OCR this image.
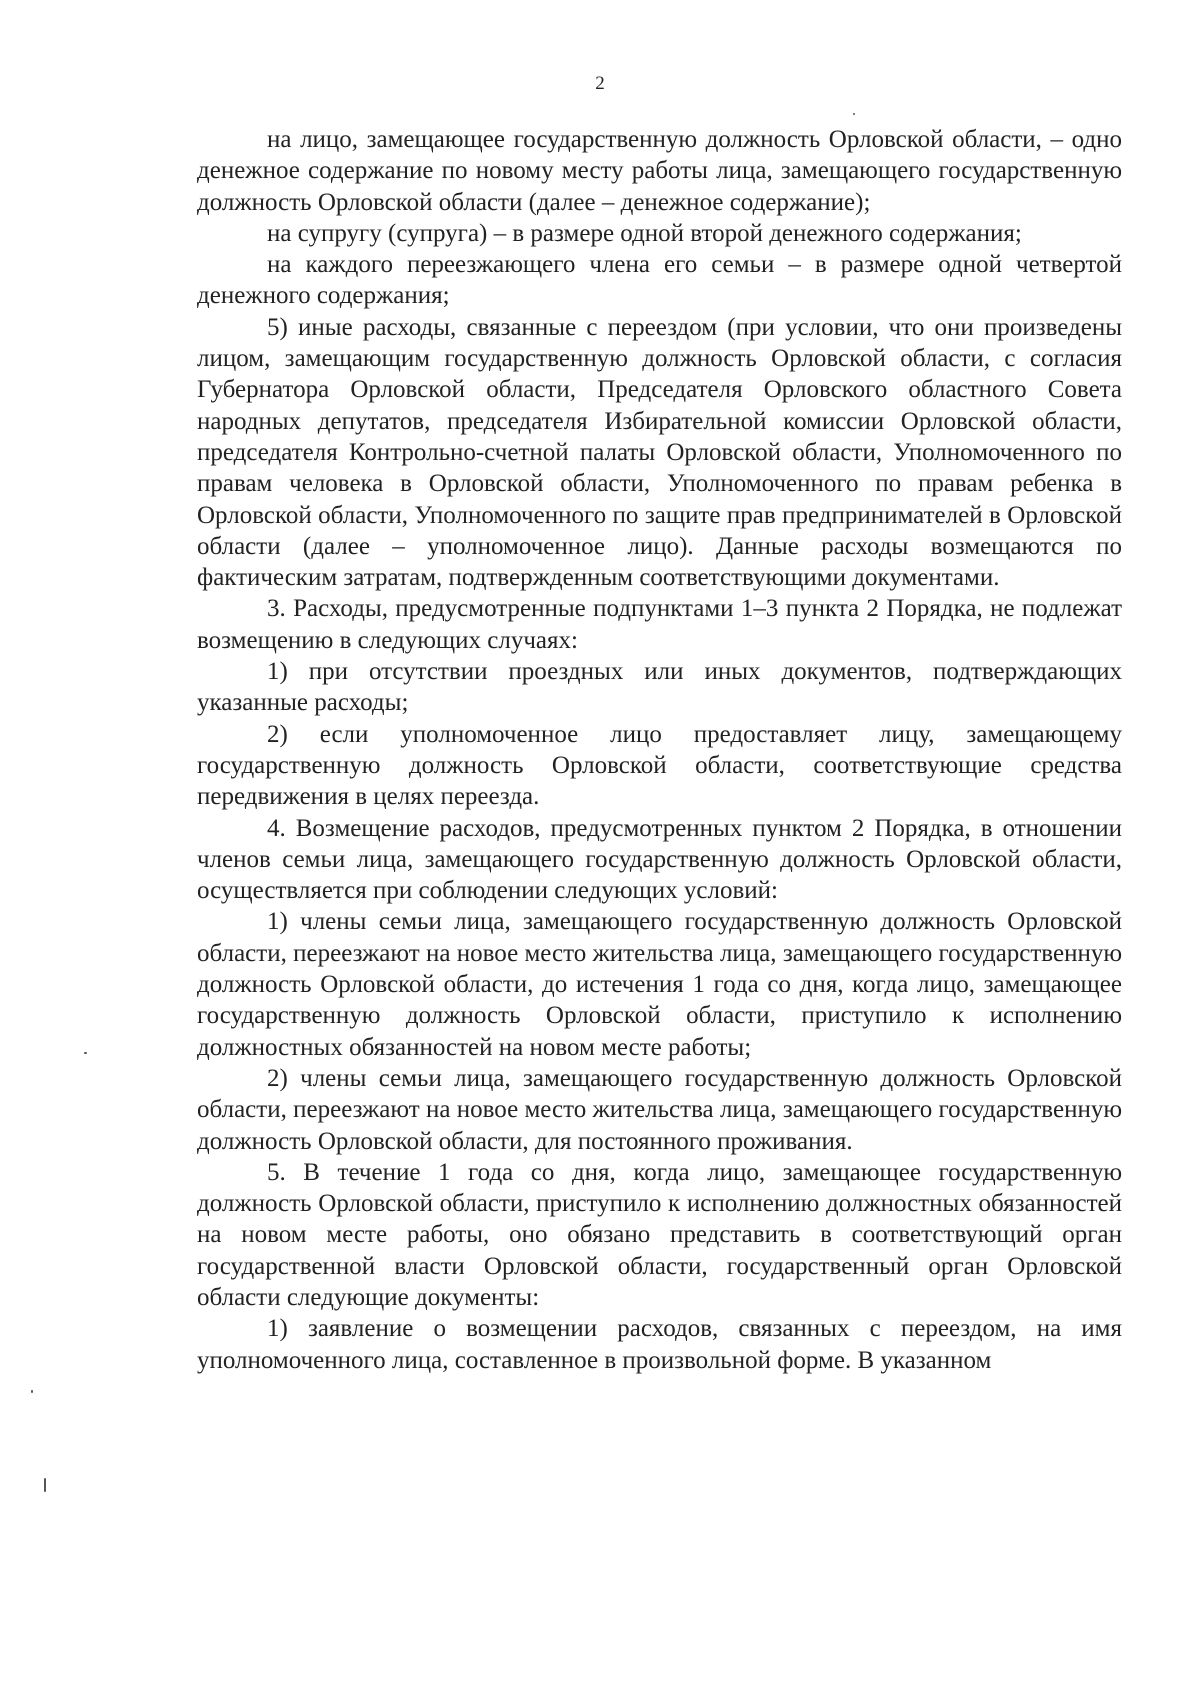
2

на лицо, замещающее государственную должность Орловской области, – одно денежное содержание по новому месту работы лица, замещающего государственную должность Орловской области (далее – денежное содержание);

на супругу (супруга) – в размере одной второй денежного содержания;

на каждого переезжающего члена его семьи – в размере одной четвертой денежного содержания;

5) иные расходы, связанные с переездом (при условии, что они произведены лицом, замещающим государственную должность Орловской области, с согласия Губернатора Орловской области, Председателя Орловского областного Совета народных депутатов, председателя Избирательной комиссии Орловской области, председателя Контрольно-счетной палаты Орловской области, Уполномоченного по правам человека в Орловской области, Уполномоченного по правам ребенка в Орловской области, Уполномоченного по защите прав предпринимателей в Орловской области (далее – уполномоченное лицо). Данные расходы возмещаются по фактическим затратам, подтвержденным соответствующими документами.

3. Расходы, предусмотренные подпунктами 1–3 пункта 2 Порядка, не подлежат возмещению в следующих случаях:

1) при отсутствии проездных или иных документов, подтверждающих указанные расходы;

2) если уполномоченное лицо предоставляет лицу, замещающему государственную должность Орловской области, соответствующие средства передвижения в целях переезда.

4. Возмещение расходов, предусмотренных пунктом 2 Порядка, в отношении членов семьи лица, замещающего государственную должность Орловской области, осуществляется при соблюдении следующих условий:

1) члены семьи лица, замещающего государственную должность Орловской области, переезжают на новое место жительства лица, замещающего государственную должность Орловской области, до истечения 1 года со дня, когда лицо, замещающее государственную должность Орловской области, приступило к исполнению должностных обязанностей на новом месте работы;

2) члены семьи лица, замещающего государственную должность Орловской области, переезжают на новое место жительства лица, замещающего государственную должность Орловской области, для постоянного проживания.

5. В течение 1 года со дня, когда лицо, замещающее государственную должность Орловской области, приступило к исполнению должностных обязанностей на новом месте работы, оно обязано представить в соответствующий орган государственной власти Орловской области, государственный орган Орловской области следующие документы:

1) заявление о возмещении расходов, связанных с переездом, на имя уполномоченного лица, составленное в произвольной форме. В указанном
